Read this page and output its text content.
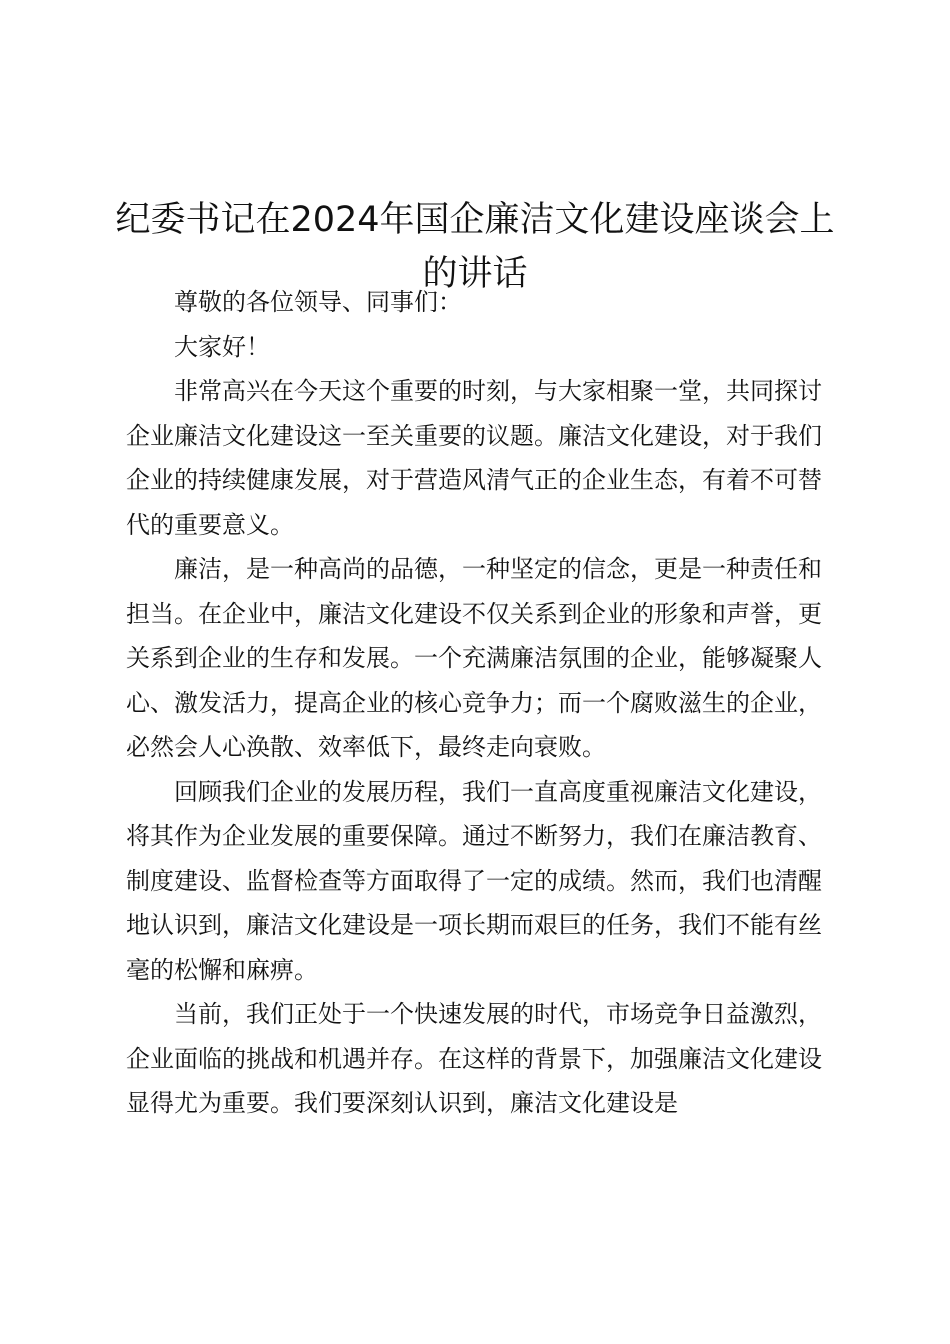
纪委书记在2024年国企廉洁文化建设座谈会上的讲话

尊敬的各位领导、同事们：

大家好！

非常高兴在今天这个重要的时刻，与大家相聚一堂，共同探讨企业廉洁文化建设这一至关重要的议题。廉洁文化建设，对于我们企业的持续健康发展，对于营造风清气正的企业生态，有着不可替代的重要意义。

廉洁，是一种高尚的品德，一种坚定的信念，更是一种责任和担当。在企业中，廉洁文化建设不仅关系到企业的形象和声誉，更关系到企业的生存和发展。一个充满廉洁氛围的企业，能够凝聚人心、激发活力，提高企业的核心竞争力；而一个腐败滋生的企业，必然会人心涣散、效率低下，最终走向衰败。

回顾我们企业的发展历程，我们一直高度重视廉洁文化建设，将其作为企业发展的重要保障。通过不断努力，我们在廉洁教育、制度建设、监督检查等方面取得了一定的成绩。然而，我们也清醒地认识到，廉洁文化建设是一项长期而艰巨的任务，我们不能有丝毫的松懈和麻痹。

当前，我们正处于一个快速发展的时代，市场竞争日益激烈，企业面临的挑战和机遇并存。在这样的背景下，加强廉洁文化建设显得尤为重要。我们要深刻认识到，廉洁文化建设是
